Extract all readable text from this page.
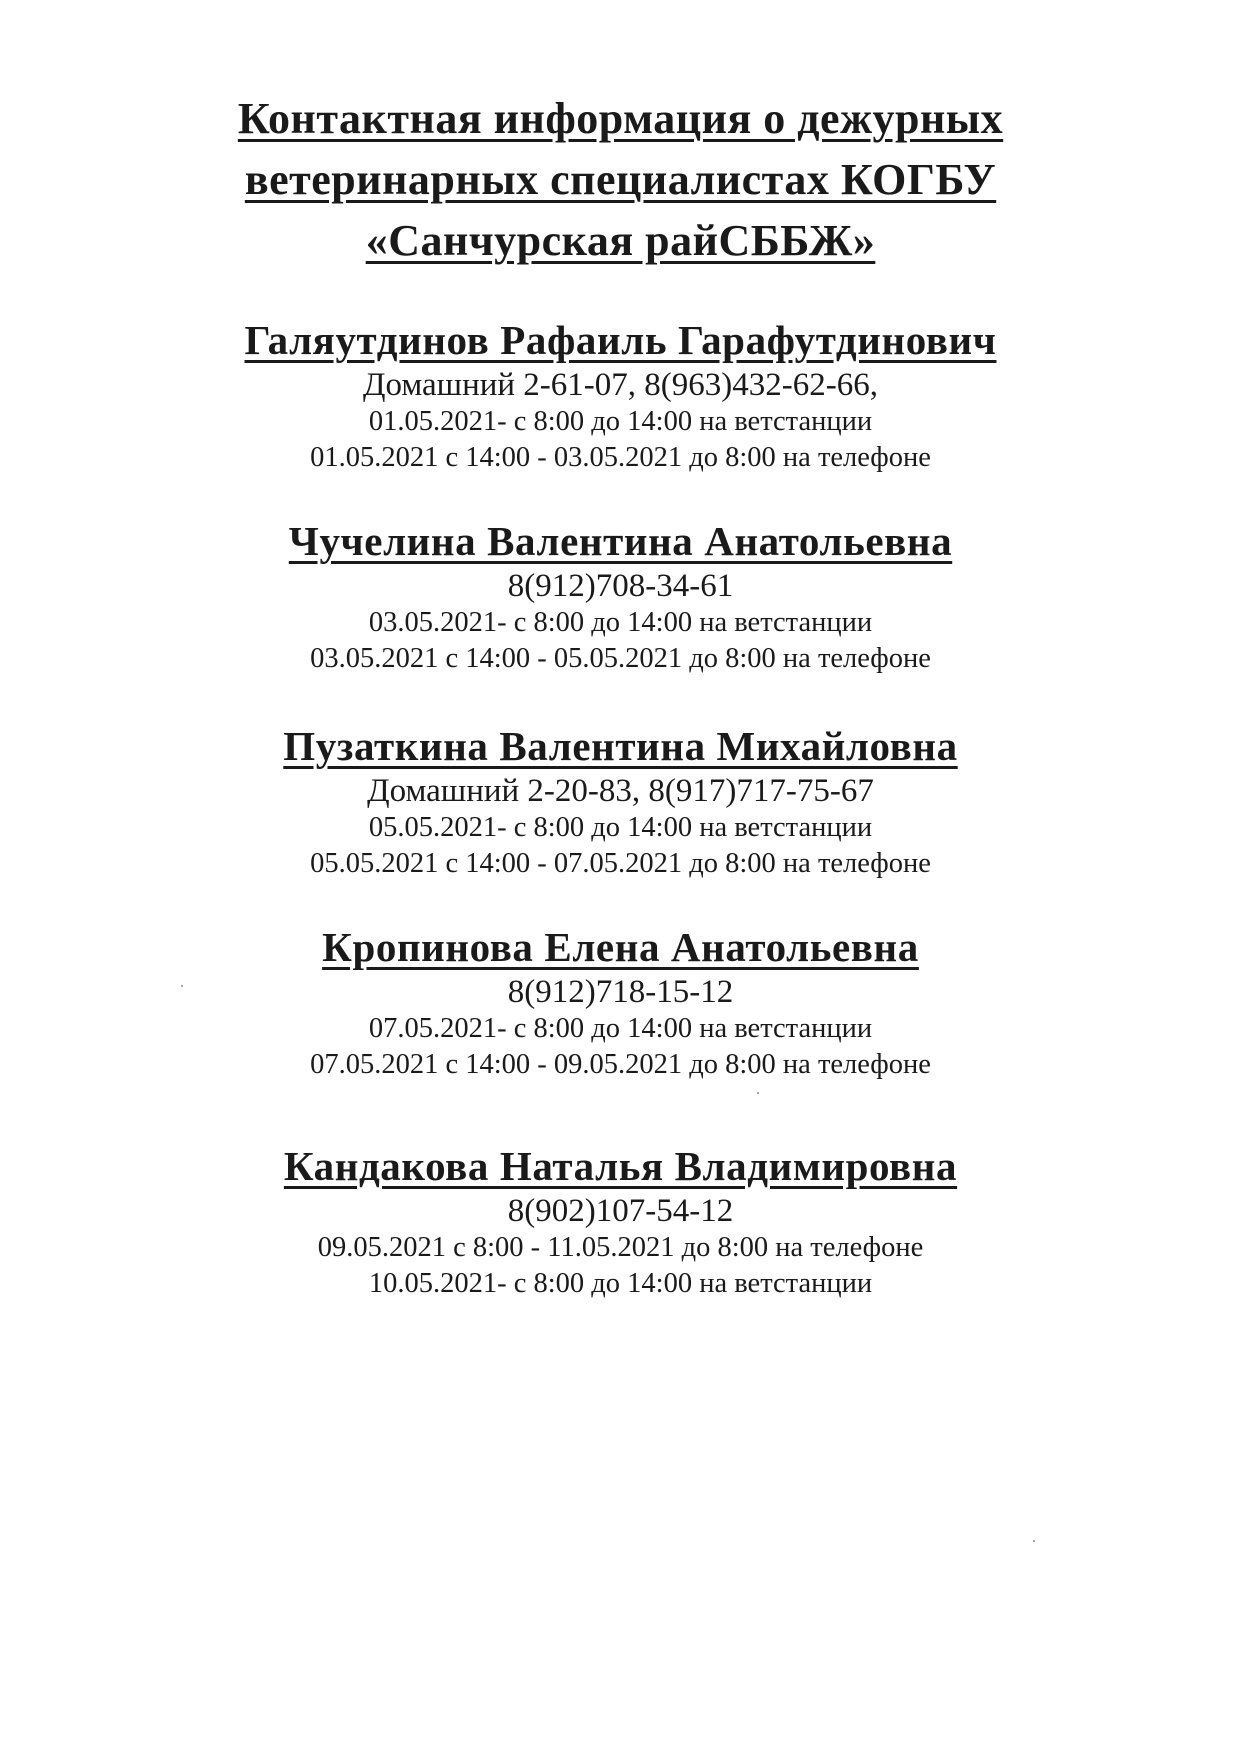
Контактная информация о дежурных
ветеринарных специалистах КОГБУ
«Санчурская райСББЖ»
Галяутдинов Рафаиль Гарафутдинович
Домашний 2-61-07, 8(963)432-62-66,
01.05.2021- с 8:00 до 14:00 на ветстанции
01.05.2021 с 14:00 - 03.05.2021 до 8:00 на телефоне
Чучелина Валентина Анатольевна
8(912)708-34-61
03.05.2021- с 8:00 до 14:00 на ветстанции
03.05.2021 с 14:00 - 05.05.2021 до 8:00 на телефоне
Пузаткина Валентина Михайловна
Домашний 2-20-83, 8(917)717-75-67
05.05.2021- с 8:00 до 14:00 на ветстанции
05.05.2021 с 14:00 - 07.05.2021 до 8:00 на телефоне
Кропинова Елена Анатольевна
8(912)718-15-12
07.05.2021- с 8:00 до 14:00 на ветстанции
07.05.2021 с 14:00 - 09.05.2021 до 8:00 на телефоне
Кандакова Наталья Владимировна
8(902)107-54-12
09.05.2021 с 8:00 - 11.05.2021 до 8:00 на телефоне
10.05.2021- с 8:00 до 14:00 на ветстанции
